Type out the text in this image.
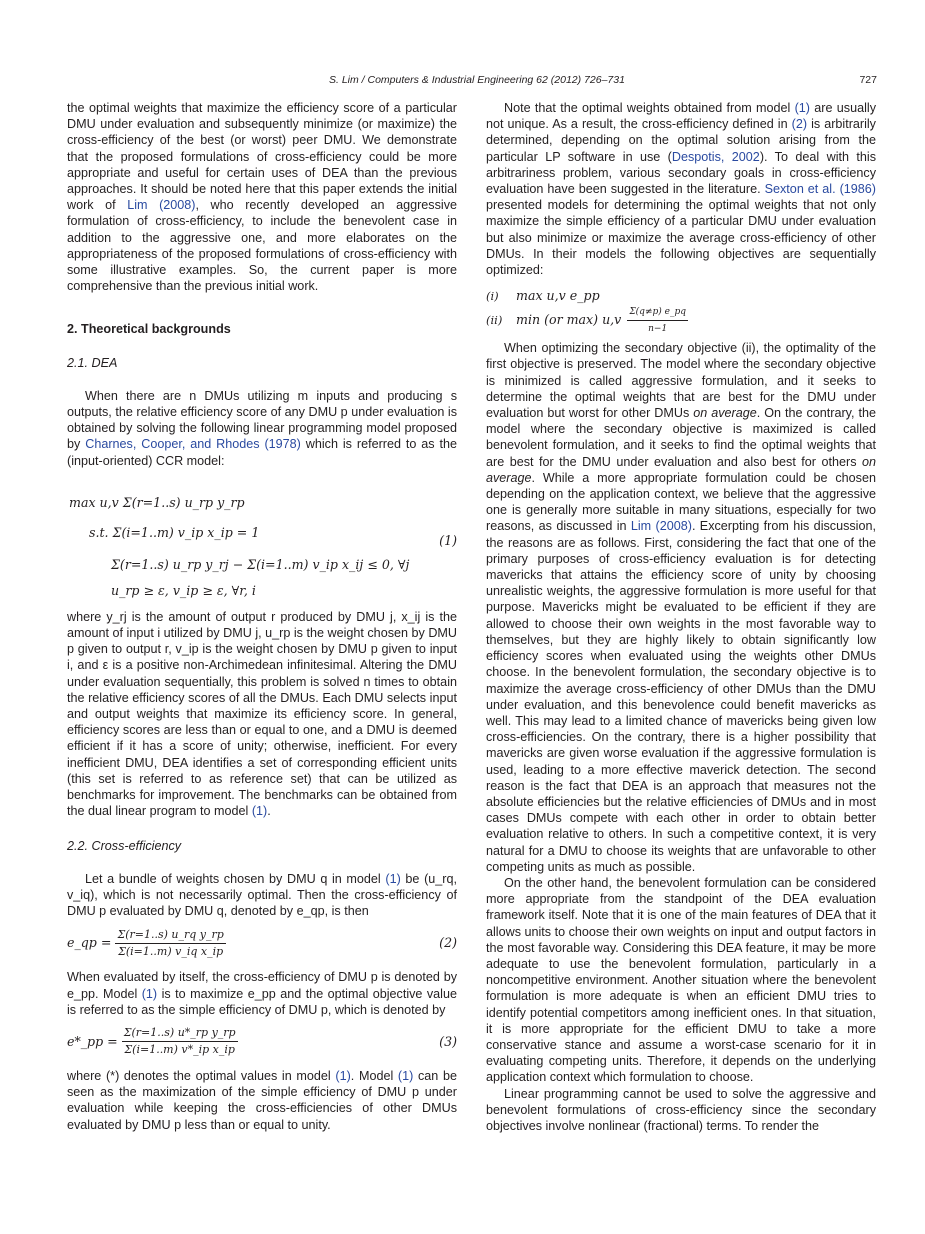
S. Lim / Computers & Industrial Engineering 62 (2012) 726–731	727

the optimal weights that maximize the efficiency score of a particular DMU under evaluation and subsequently minimize (or maximize) the cross-efficiency of the best (or worst) peer DMU. We demonstrate that the proposed formulations of cross-efficiency could be more appropriate and useful for certain uses of DEA than the previous approaches. It should be noted here that this paper extends the initial work of Lim (2008), who recently developed an aggressive formulation of cross-efficiency, to include the benevolent case in addition to the aggressive one, and more elaborates on the appropriateness of the proposed formulations of cross-efficiency with some illustrative examples. So, the current paper is more comprehensive than the previous initial work.

2. Theoretical backgrounds
2.1. DEA

When there are n DMUs utilizing m inputs and producing s outputs, the relative efficiency score of any DMU p under evaluation is obtained by solving the following linear programming model proposed by Charnes, Cooper, and Rhodes (1978) which is referred to as the (input-oriented) CCR model:

max u,v Σ(r=1..s) u_rp y_rp
s.t. Σ(i=1..m) v_ip x_ip = 1
Σ(r=1..s) u_rp y_rj − Σ(i=1..m) v_ip x_ij ≤ 0, ∀j
u_rp ≥ ε, v_ip ≥ ε, ∀r, i
(1)

where y_rj is the amount of output r produced by DMU j, x_ij is the amount of input i utilized by DMU j, u_rp is the weight chosen by DMU p given to output r, v_ip is the weight chosen by DMU p given to input i, and ε is a positive non-Archimedean infinitesimal. Altering the DMU under evaluation sequentially, this problem is solved n times to obtain the relative efficiency scores of all the DMUs. Each DMU selects input and output weights that maximize its efficiency score. In general, efficiency scores are less than or equal to one, and a DMU is deemed efficient if it has a score of unity; otherwise, inefficient. For every inefficient DMU, DEA identifies a set of corresponding efficient units (this set is referred to as reference set) that can be utilized as benchmarks for improvement. The benchmarks can be obtained from the dual linear program to model (1).

2.2. Cross-efficiency

Let a bundle of weights chosen by DMU q in model (1) be (u_rq, v_iq), which is not necessarily optimal. Then the cross-efficiency of DMU p evaluated by DMU q, denoted by e_qp, is then

e_qp = $\frac{\text{Σ(r=1..s) u\_rq y\_rp}}{\text{Σ(i=1..m) v\_iq x\_ip}}$	(2)

When evaluated by itself, the cross-efficiency of DMU p is denoted by e_pp. Model (1) is to maximize e_pp and the optimal objective value is referred to as the simple efficiency of DMU p, which is denoted by

e*_pp = $\frac{\text{Σ(r=1..s) u*\_rp y\_rp}}{\text{Σ(i=1..m) v*\_ip x\_ip}}$	(3)

where (*) denotes the optimal values in model (1). Model (1) can be seen as the maximization of the simple efficiency of DMU p under evaluation while keeping the cross-efficiencies of other DMUs evaluated by DMU p less than or equal to unity.

Note that the optimal weights obtained from model (1) are usually not unique. As a result, the cross-efficiency defined in (2) is arbitrarily determined, depending on the optimal solution arising from the particular LP software in use (Despotis, 2002). To deal with this arbitrariness problem, various secondary goals in cross-efficiency evaluation have been suggested in the literature. Sexton et al. (1986) presented models for determining the optimal weights that not only maximize the simple efficiency of a particular DMU under evaluation but also minimize or maximize the average cross-efficiency of other DMUs. In their models the following objectives are sequentially optimized:

(i)	max u,v e_pp
(ii)	min (or max) $u,v \frac{\Sigma(q\ne p) e\_pq}{n-1}$

When optimizing the secondary objective (ii), the optimality of the first objective is preserved. The model where the secondary objective is minimized is called aggressive formulation, and it seeks to determine the optimal weights that are best for the DMU under evaluation but worst for other DMUs on average. On the contrary, the model where the secondary objective is maximized is called benevolent formulation, and it seeks to find the optimal weights that are best for the DMU under evaluation and also best for others on average. While a more appropriate formulation could be chosen depending on the application context, we believe that the aggressive one is generally more suitable in many situations, especially for two reasons, as discussed in Lim (2008). Excerpting from his discussion, the reasons are as follows. First, considering the fact that one of the primary purposes of cross-efficiency evaluation is for detecting mavericks that attains the efficiency score of unity by choosing unrealistic weights, the aggressive formulation is more useful for that purpose. Mavericks might be evaluated to be efficient if they are allowed to choose their own weights in the most favorable way to themselves, but they are highly likely to obtain significantly low efficiency scores when evaluated using the weights other DMUs choose. In the benevolent formulation, the secondary objective is to maximize the average cross-efficiency of other DMUs than the DMU under evaluation, and this benevolence could benefit mavericks as well. This may lead to a limited chance of mavericks being given low cross-efficiencies. On the contrary, there is a higher possibility that mavericks are given worse evaluation if the aggressive formulation is used, leading to a more effective maverick detection. The second reason is the fact that DEA is an approach that measures not the absolute efficiencies but the relative efficiencies of DMUs and in most cases DMUs compete with each other in order to obtain better evaluation relative to others. In such a competitive context, it is very natural for a DMU to choose its weights that are unfavorable to other competing units as much as possible.

On the other hand, the benevolent formulation can be considered more appropriate from the standpoint of the DEA evaluation framework itself. Note that it is one of the main features of DEA that it allows units to choose their own weights on input and output factors in the most favorable way. Considering this DEA feature, it may be more adequate to use the benevolent formulation, particularly in a noncompetitive environment. Another situation where the benevolent formulation is more adequate is when an efficient DMU tries to identify potential competitors among inefficient ones. In that situation, it is more appropriate for the efficient DMU to take a more conservative stance and assume a worst-case scenario for it in evaluating competing units. Therefore, it depends on the underlying application context which formulation to choose.

Linear programming cannot be used to solve the aggressive and benevolent formulations of cross-efficiency since the secondary objectives involve nonlinear (fractional) terms. To render the
